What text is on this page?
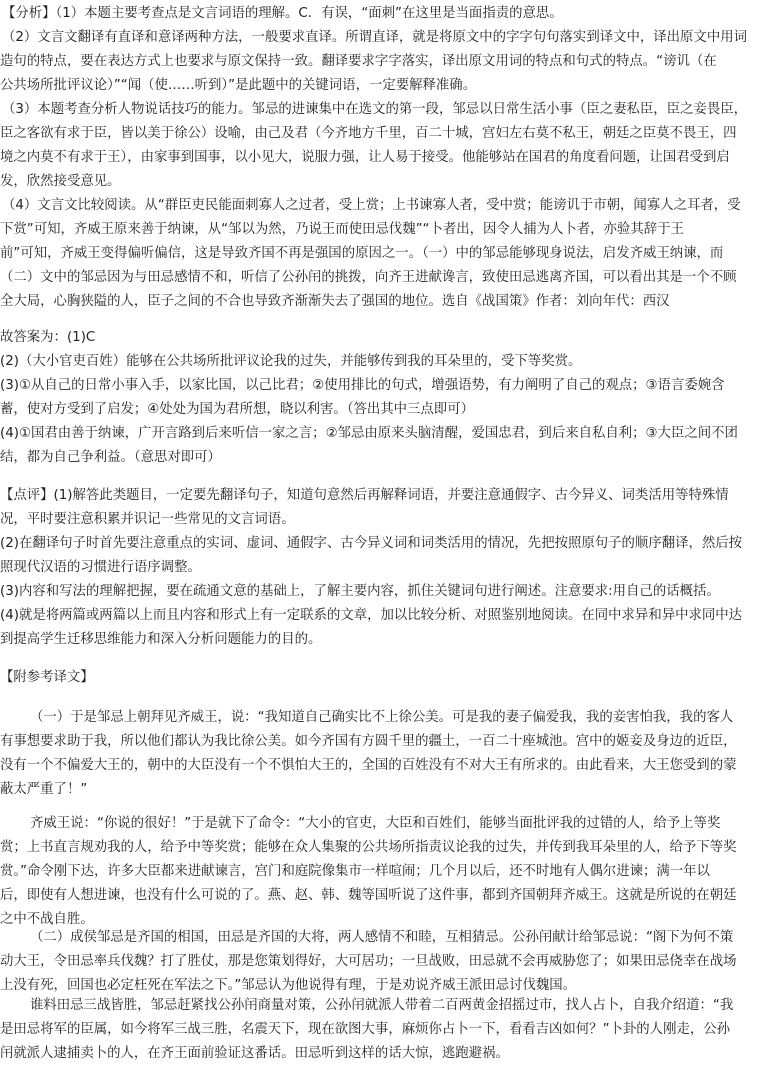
【分析】（1）本题主要考查点是文言词语的理解。C．有误，“面刺”在这里是当面指责的意思。

（2）文言文翻译有直译和意译两种方法，一般要求直译。所谓直译，就是将原文中的字字句句落实到译文中，译出原文中用词

造句的特点，要在表达方式上也要求与原文保持一致。翻译要求字字落实，译出原文用词的特点和句式的特点。“谤讥（在

公共场所批评议论）”“闻（使……听到）”是此题中的关键词语，一定要解释准确。

（3）本题考查分析人物说话技巧的能力。邹忌的进谏集中在选文的第一段，邹忌以日常生活小事（臣之妻私臣，臣之妾畏臣，

臣之客欲有求于臣，皆以美于徐公）设喻，由己及君（今齐地方千里，百二十城，宫妇左右莫不私王，朝廷之臣莫不畏王，四

境之内莫不有求于王），由家事到国事，以小见大，说服力强，让人易于接受。他能够站在国君的角度看问题，让国君受到启

发，欣然接受意见。

（4）文言文比较阅读。从“群臣吏民能面刺寡人之过者，受上赏；上书谏寡人者，受中赏；能谤讥于市朝，闻寡人之耳者，受

下赏”可知，齐威王原来善于纳谏，从“邹以为然，乃说王而使田忌伐魏”“卜者出，因令人捕为人卜者，亦验其辞于王

前”可知，齐威王变得偏听偏信，这是导致齐国不再是强国的原因之一。（一）中的邹忌能够现身说法，启发齐威王纳谏，而

（二）文中的邹忌因为与田忌感情不和，听信了公孙闬的挑拨，向齐王进献谗言，致使田忌逃离齐国，可以看出其是一个不顾

全大局，心胸狭隘的人，臣子之间的不合也导致齐渐渐失去了强国的地位。选自《战国策》作者：刘向年代：西汉

故答案为：(1)C

(2)（大小官吏百姓）能够在公共场所批评议论我的过失，并能够传到我的耳朵里的，受下等奖赏。

(3)①从自己的日常小事入手，以家比国，以己比君；②使用排比的句式，增强语势，有力阐明了自己的观点；③语言委婉含

蓄，使对方受到了启发；④处处为国为君所想，晓以利害。（答出其中三点即可）

(4)①国君由善于纳谏，广开言路到后来听信一家之言；②邹忌由原来头脑清醒，爱国忠君，到后来自私自利；③大臣之间不团

结，都为自己争利益。（意思对即可）

【点评】(1)解答此类题目，一定要先翻译句子，知道句意然后再解释词语，并要注意通假字、古今异义、词类活用等特殊情

况，平时要注意积累并识记一些常见的文言词语。

(2)在翻译句子时首先要注意重点的实词、虚词、通假字、古今异义词和词类活用的情况，先把按照原句子的顺序翻译，然后按

照现代汉语的习惯进行语序调整。

(3)内容和写法的理解把握，要在疏通文意的基础上，了解主要内容，抓住关键词句进行阐述。注意要求:用自己的话概括。

(4)就是将两篇或两篇以上而且内容和形式上有一定联系的文章，加以比较分析、对照鉴别地阅读。在同中求异和异中求同中达

到提高学生迁移思维能力和深入分析问题能力的目的。

【附参考译文】

（一）于是邹忌上朝拜见齐威王，说：“我知道自己确实比不上徐公美。可是我的妻子偏爱我，我的妾害怕我，我的客人

有事想要求助于我，所以他们都认为我比徐公美。如今齐国有方圆千里的疆土，一百二十座城池。宫中的姬妾及身边的近臣，

没有一个不偏爱大王的，朝中的大臣没有一个不惧怕大王的，全国的百姓没有不对大王有所求的。由此看来，大王您受到的蒙

蔽太严重了！”

齐威王说：“你说的很好！”于是就下了命令：“大小的官吏，大臣和百姓们，能够当面批评我的过错的人，给予上等奖

赏；上书直言规劝我的人，给予中等奖赏；能够在众人集聚的公共场所指责议论我的过失，并传到我耳朵里的人，给予下等奖

赏。”命令刚下达，许多大臣都来进献谏言，宫门和庭院像集市一样喧闹；几个月以后，还不时地有人偶尔进谏；满一年以

后，即使有人想进谏，也没有什么可说的了。燕、赵、韩、魏等国听说了这件事，都到齐国朝拜齐威王。这就是所说的在朝廷

之中不战自胜。

（二）成侯邹忌是齐国的相国，田忌是齐国的大将，两人感情不和睦，互相猜忌。公孙闬献计给邹忌说：“阁下为何不策

动大王，令田忌率兵伐魏？打了胜仗，那是您策划得好，大可居功；一旦战败，田忌就不会再威胁您了；如果田忌侥幸在战场

上没有死，回国也必定枉死在军法之下。”邹忌认为他说得有理，于是劝说齐威王派田忌讨伐魏国。

谁料田忌三战皆胜，邹忌赶紧找公孙闬商量对策，公孙闬就派人带着二百两黄金招摇过市，找人占卜，自我介绍道：“我

是田忌将军的臣属，如今将军三战三胜，名震天下，现在欲图大事，麻烦你占卜一下，看看吉凶如何？”卜卦的人刚走，公孙

闬就派人逮捕卖卜的人，在齐王面前验证这番话。田忌听到这样的话大惊，逃跑避祸。
